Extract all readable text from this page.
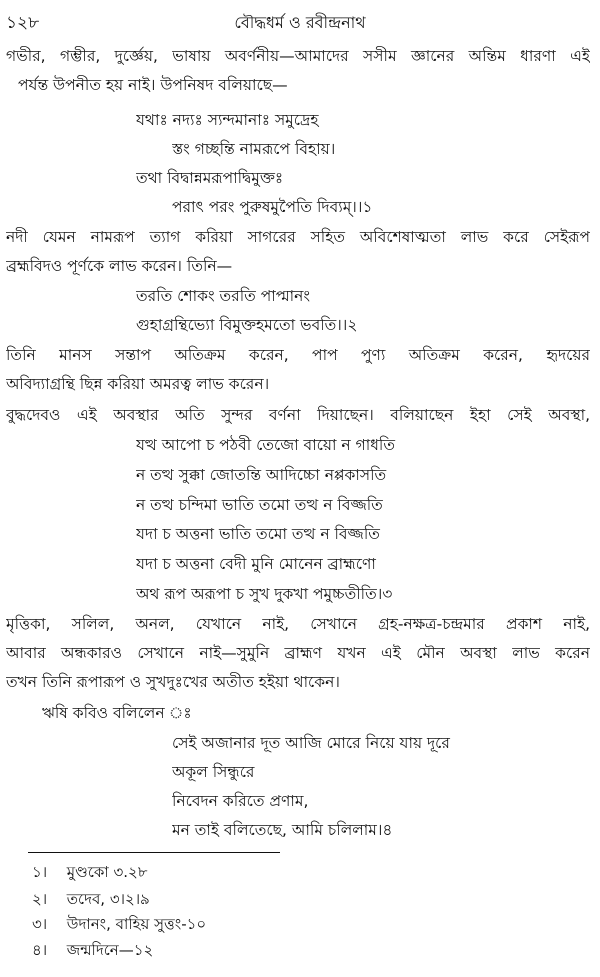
১২৮	বৌদ্ধধর্ম ও রবীন্দ্রনাথ
গভীর, গম্ভীর, দুর্জ্ঞেয়, ভাষায় অবর্ণনীয়—আমাদের সসীম জ্ঞানের অন্তিম ধারণা এই
পর্যন্ত উপনীত হয় নাই। উপনিষদ বলিয়াছে—
যথাঃ নদ্যঃ স্যন্দমানাঃ সমুদ্রেহ
স্তং গচ্ছন্তি নামরূপে বিহায়।
তথা বিদ্বান্নমরূপাদ্বিমুক্তঃ
পরাৎ পরং পুরুষমুপৈতি দিব্যম্।।১
নদী যেমন নামরূপ ত্যাগ করিয়া সাগরের সহিত অবিশেষাত্মতা লাভ করে সেইরূপ
ব্রহ্মবিদও পূর্ণকে লাভ করেন। তিনি—
তরতি শোকং তরতি পাপ্মানং
গুহাগ্রন্থিভ্যো বিমুক্তহমতো ভবতি।।২
তিনি মানস সন্তাপ অতিক্রম করেন, পাপ পুণ্য অতিক্রম করেন, হৃদয়ের
অবিদ্যাগ্রন্থি ছিন্ন করিয়া অমরত্ব লাভ করেন।
বুদ্ধদেবও এই অবস্থার অতি সুন্দর বর্ণনা দিয়াছেন। বলিয়াছেন ইহা সেই অবস্থা,
যত্থ আপো চ পঠবী তেজো বায়ো ন গাধতি
ন তত্থ সুক্কা জোতন্তি আদিচ্চো নপ্পকাসতি
ন তত্থ চন্দিমা ভাতি তমো তত্থ ন বিজ্জতি
যদা চ অত্তনা ভাতি তমো তত্থ ন বিজ্জতি
যদা চ অত্তনা বেদী মুনি মোনেন ব্রাহ্মণো
অথ রূপ অরূপা চ সুখ দুকখা পমুচ্চতীতি।৩
মৃত্তিকা, সলিল, অনল, যেখানে নাই, সেখানে গ্রহ-নক্ষত্র-চন্দ্রমার প্রকাশ নাই,
আবার অন্ধকারও সেখানে নাই—সুমুনি ব্রাহ্মণ যখন এই মৌন অবস্থা লাভ করেন
তখন তিনি রূপারূপ ও সুখদুঃখের অতীত হইয়া থাকেন।
ঋষি কবিও বলিলেন ঃ
সেই অজানার দূত আজি মোরে নিয়ে যায় দূরে
অকূল সিন্ধুরে
নিবেদন করিতে প্রণাম,
মন তাই বলিতেছে, আমি চলিলাম।৪
১। মুণ্ডকো ৩.২৮
২। তদেব, ৩।২।৯
৩। উদানং, বাহিয় সুত্তং-১০
৪। জন্মদিনে—১২
